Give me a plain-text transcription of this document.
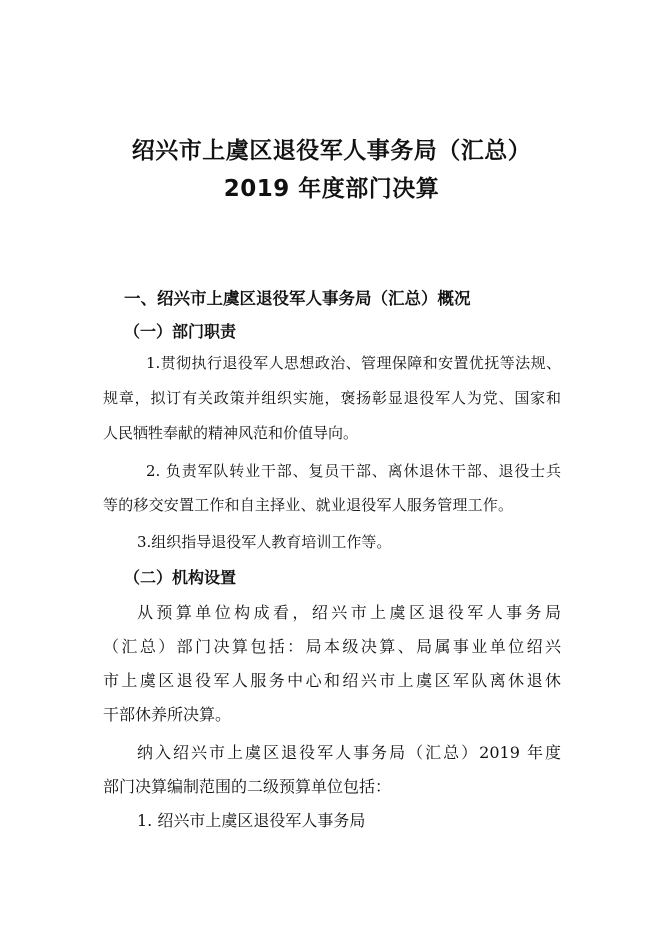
绍兴市上虞区退役军人事务局（汇总）
2019 年度部门决算
一、绍兴市上虞区退役军人事务局（汇总）概况
（一）部门职责
1.贯彻执行退役军人思想政治、管理保障和安置优抚等法规、
规章，拟订有关政策并组织实施，褒扬彰显退役军人为党、国家和
人民牺牲奉献的精神风范和价值导向。
2. 负责军队转业干部、复员干部、离休退休干部、退役士兵
等的移交安置工作和自主择业、就业退役军人服务管理工作。
3.组织指导退役军人教育培训工作等。
（二）机构设置
从预算单位构成看，绍兴市上虞区退役军人事务局
（汇总）部门决算包括：局本级决算、局属事业单位绍兴
市上虞区退役军人服务中心和绍兴市上虞区军队离休退休
干部休养所决算。
纳入绍兴市上虞区退役军人事务局（汇总）2019 年度
部门决算编制范围的二级预算单位包括：
1. 绍兴市上虞区退役军人事务局
